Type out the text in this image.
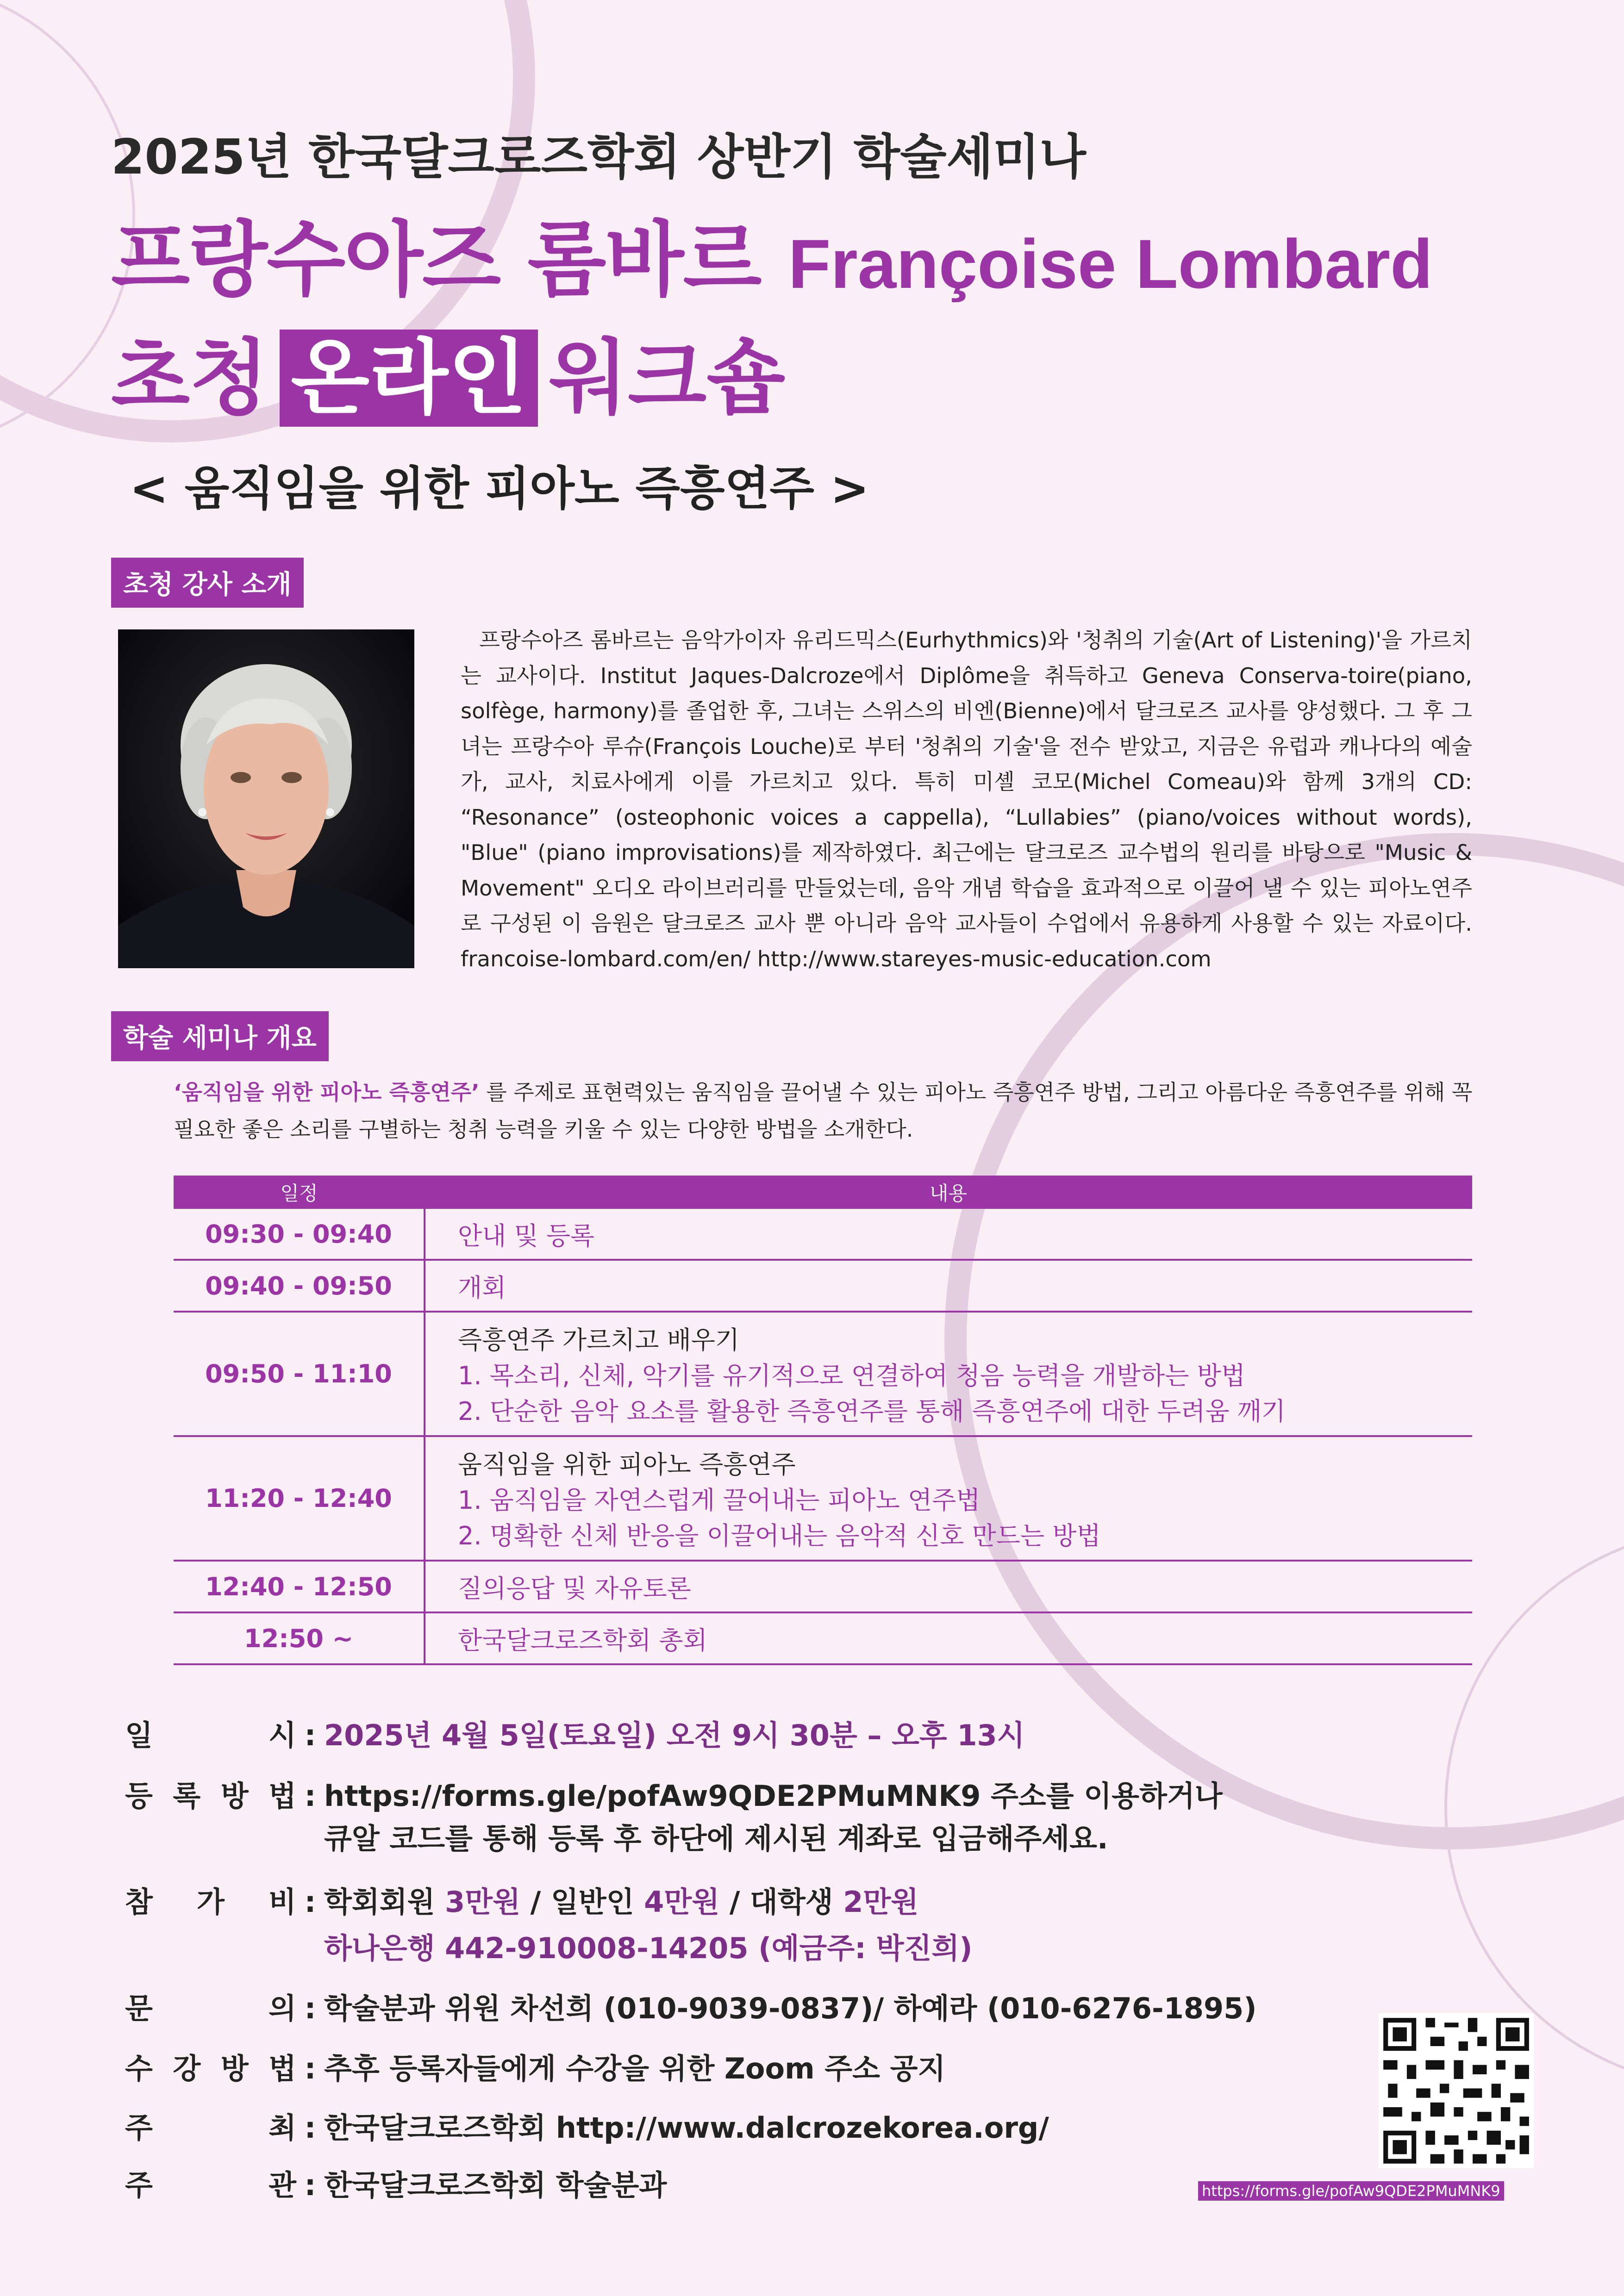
2025년 한국달크로즈학회 상반기 학술세미나
프랑수아즈 롬바르 Françoise Lombard
초청 온라인 워크숍
< 움직임을 위한 피아노 즉흥연주 >
초청 강사 소개
프랑수아즈 롬바르는 음악가이자 유리드믹스(Eurhythmics)와 '청취의 기술(Art of Listening)'을 가르치는 교사이다. Institut Jaques-Dalcroze에서 Diplôme을 취득하고 Geneva Conserva-toire(piano, solfège, harmony)를 졸업한 후, 그녀는 스위스의 비엔(Bienne)에서 달크로즈 교사를 양성했다. 그 후 그녀는 프랑수아 루슈(François Louche)로 부터 '청취의 기술'을 전수 받았고, 지금은 유럽과 캐나다의 예술가, 교사, 치료사에게 이를 가르치고 있다. 특히 미셸 코모(Michel Comeau)와 함께 3개의 CD: “Resonance” (osteophonic voices a cappella), “Lullabies” (piano/voices without words), "Blue" (piano improvisations)를 제작하였다. 최근에는 달크로즈 교수법의 원리를 바탕으로 "Music & Movement" 오디오 라이브러리를 만들었는데, 음악 개념 학습을 효과적으로 이끌어 낼 수 있는 피아노연주로 구성된 이 음원은 달크로즈 교사 뿐 아니라 음악 교사들이 수업에서 유용하게 사용할 수 있는 자료이다. francoise-lombard.com/en/ http://www.stareyes-music-education.com
학술 세미나 개요
‘움직임을 위한 피아노 즉흥연주’ 를 주제로 표현력있는 움직임을 끌어낼 수 있는 피아노 즉흥연주 방법, 그리고 아름다운 즉흥연주를 위해 꼭 필요한 좋은 소리를 구별하는 청취 능력을 키울 수 있는 다양한 방법을 소개한다.
일정	내용
09:30 - 09:40	안내 및 등록
09:40 - 09:50	개회
09:50 - 11:10	즉흥연주 가르치고 배우기
1. 목소리, 신체, 악기를 유기적으로 연결하여 청음 능력을 개발하는 방법
2. 단순한 음악 요소를 활용한 즉흥연주를 통해 즉흥연주에 대한 두려움 깨기

11:20 - 12:40	움직임을 위한 피아노 즉흥연주
1. 움직임을 자연스럽게 끌어내는 피아노 연주법
2. 명확한 신체 반응을 이끌어내는 음악적 신호 만드는 방법

12:40 - 12:50	질의응답 및 자유토론
12:50 ~	한국달크로즈학회 총회
일 시 : 2025년 4월 5일(토요일) 오전 9시 30분 – 오후 13시
등 록 방 법 : https://forms.gle/pofAw9QDE2PMuMNK9 주소를 이용하거나
큐알 코드를 통해 등록 후 하단에 제시된 계좌로 입금해주세요.
참 가 비 : 학회회원 3만원 / 일반인 4만원 / 대학생 2만원
하나은행 442-910008-14205 (예금주: 박진희)
문 의 : 학술분과 위원 차선희 (010-9039-0837)/ 하예라 (010-6276-1895)
수 강 방 법 : 추후 등록자들에게 수강을 위한 Zoom 주소 공지
주 최 : 한국달크로즈학회 http://www.dalcrozekorea.org/
주 관 : 한국달크로즈학회 학술분과	https://forms.gle/pofAw9QDE2PMuMNK9
